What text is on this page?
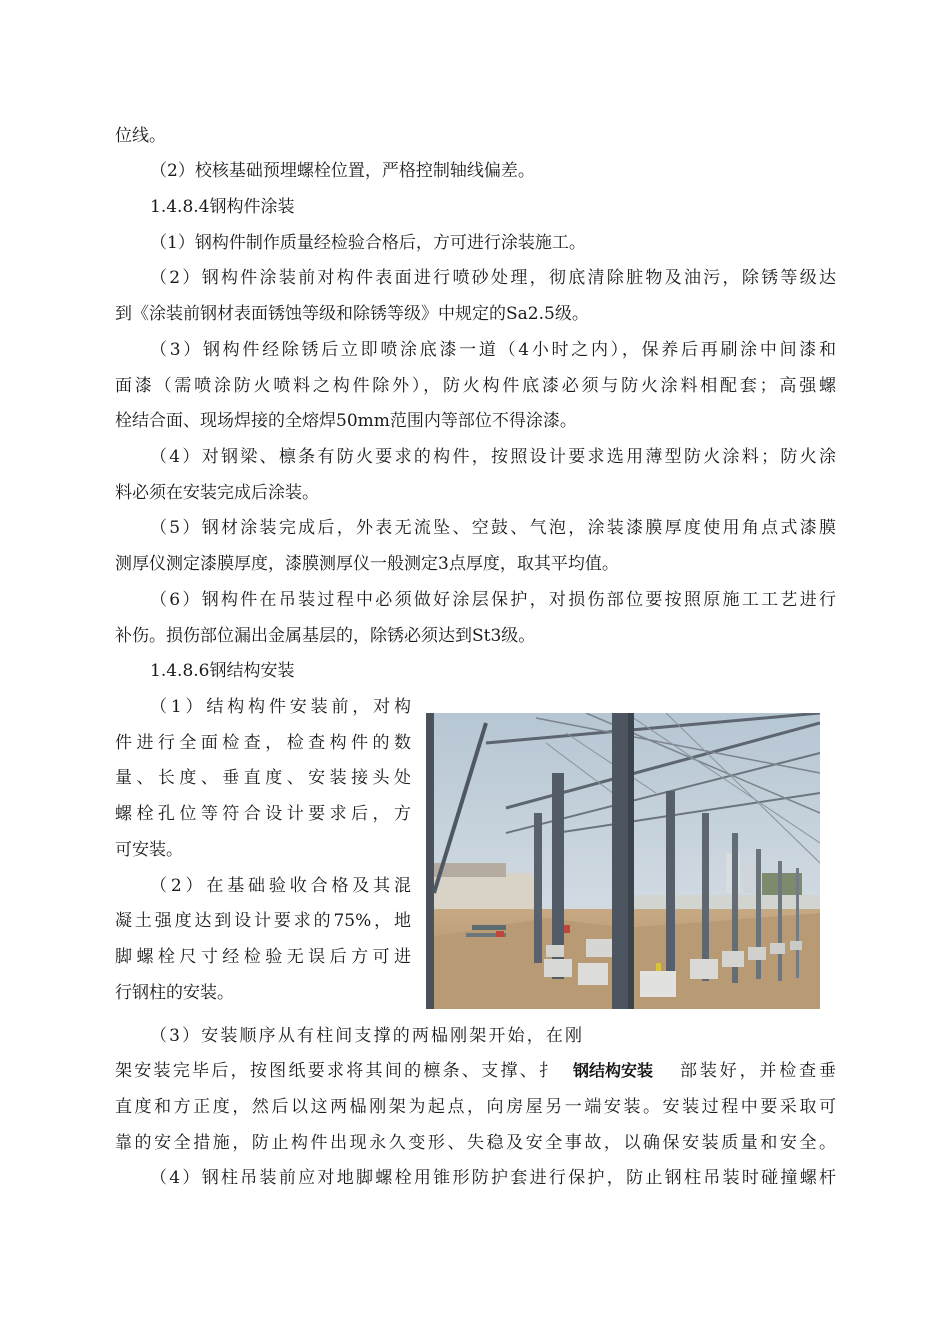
位线。
（2）校核基础预埋螺栓位置，严格控制轴线偏差。
1.4.8.4钢构件涂装
（1）钢构件制作质量经检验合格后，方可进行涂装施工。
（2）钢构件涂装前对构件表面进行喷砂处理，彻底清除脏物及油污，除锈等级达
到《涂装前钢材表面锈蚀等级和除锈等级》中规定的Sa2.5级。
（3）钢构件经除锈后立即喷涂底漆一道（4小时之内），保养后再刷涂中间漆和
面漆（需喷涂防火喷料之构件除外），防火构件底漆必须与防火涂料相配套；高强螺
栓结合面、现场焊接的全熔焊50mm范围内等部位不得涂漆。
（4）对钢梁、檩条有防火要求的构件，按照设计要求选用薄型防火涂料；防火涂
料必须在安装完成后涂装。
（5）钢材涂装完成后，外表无流坠、空鼓、气泡，涂装漆膜厚度使用角点式漆膜
测厚仪测定漆膜厚度，漆膜测厚仪一般测定3点厚度，取其平均值。
（6）钢构件在吊装过程中必须做好涂层保护，对损伤部位要按照原施工工艺进行
补伤。损伤部位漏出金属基层的，除锈必须达到St3级。
1.4.8.6钢结构安装
（1）结构构件安装前，对构
件进行全面检查，检查构件的数
量、长度、垂直度、安装接头处
螺栓孔位等符合设计要求后，方
可安装。
（2）在基础验收合格及其混
凝土强度达到设计要求的75%，地
脚螺栓尺寸经检验无误后方可进
行钢柱的安装。
（3）安装顺序从有柱间支撑的两榀刚架开始，在刚
架安装完毕后，按图纸要求将其间的檩条、支撑、扌	钢结构安装	部装好，并检查垂
直度和方正度，然后以这两榀刚架为起点，向房屋另一端安装。安装过程中要采取可
靠的安全措施，防止构件出现永久变形、失稳及安全事故，以确保安装质量和安全。
（4）钢柱吊装前应对地脚螺栓用锥形防护套进行保护，防止钢柱吊装时碰撞螺杆
